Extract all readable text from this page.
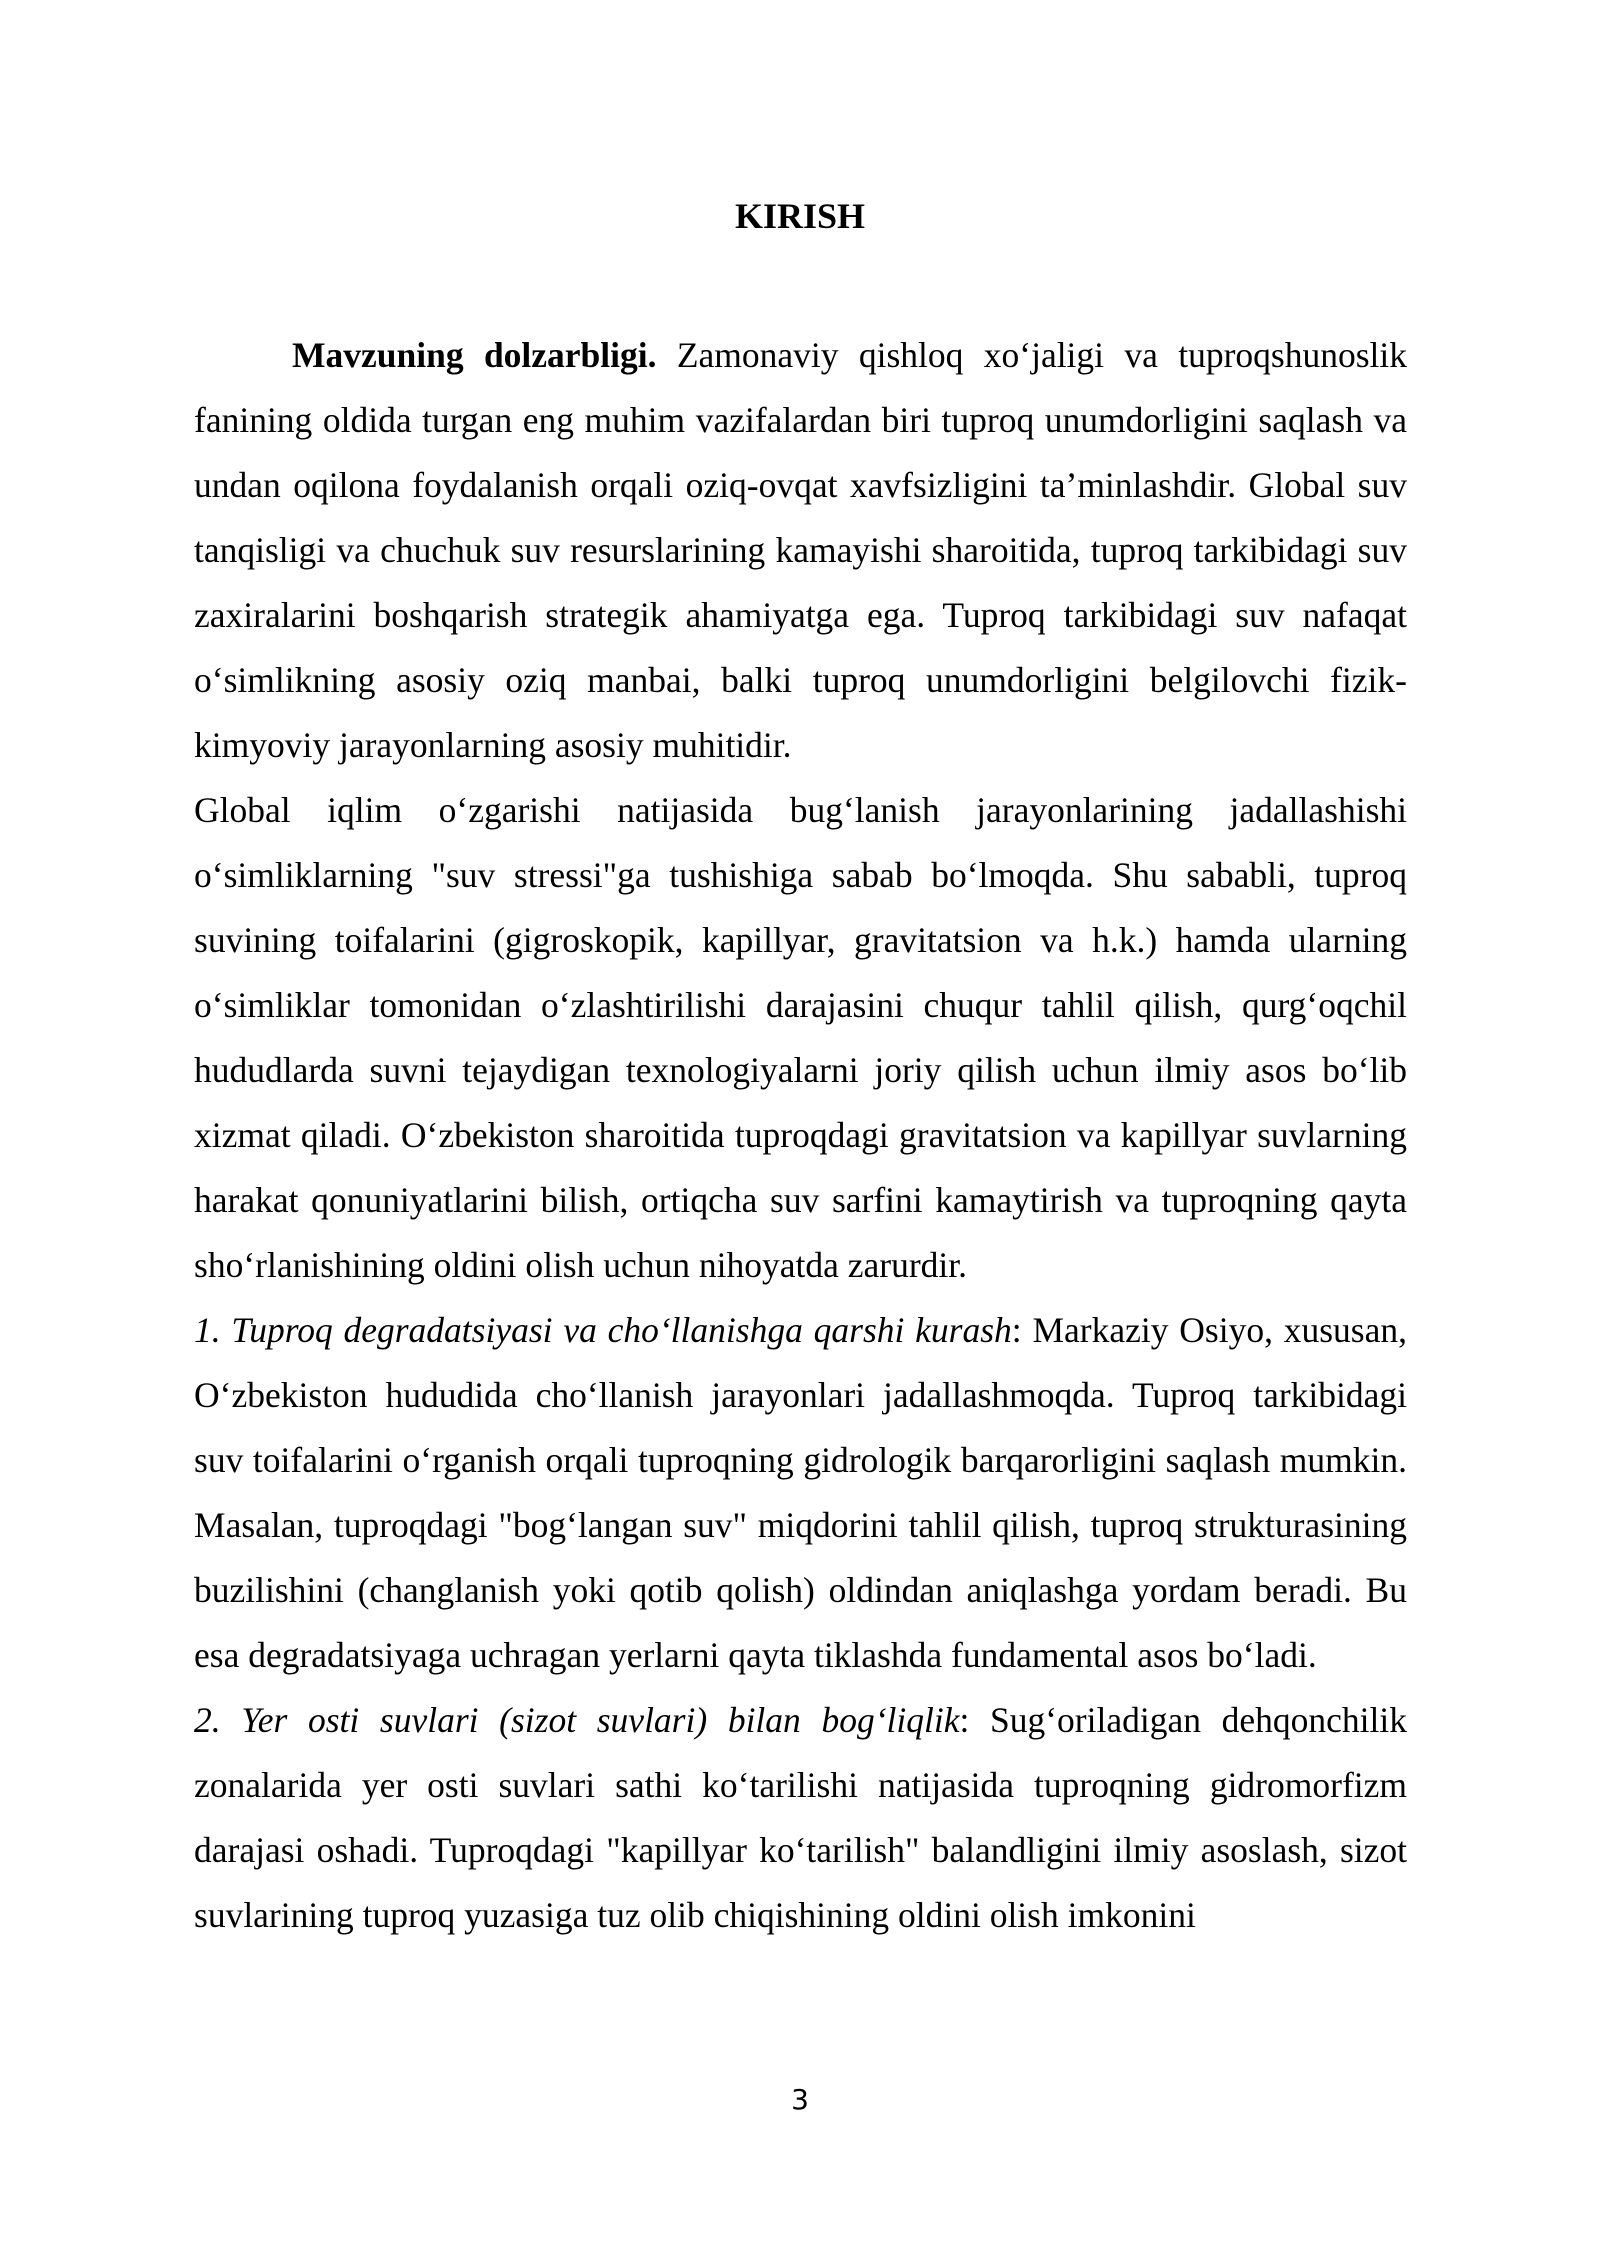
KIRISH

Mavzuning dolzarbligi. Zamonaviy qishloq xo‘jaligi va tuproqshunoslik fanining oldida turgan eng muhim vazifalardan biri tuproq unumdorligini saqlash va undan oqilona foydalanish orqali oziq-ovqat xavfsizligini ta’minlashdir. Global suv tanqisligi va chuchuk suv resurslarining kamayishi sharoitida, tuproq tarkibidagi suv zaxiralarini boshqarish strategik ahamiyatga ega. Tuproq tarkibidagi suv nafaqat o‘simlikning asosiy oziq manbai, balki tuproq unumdorligini belgilovchi fizik-kimyoviy jarayonlarning asosiy muhitidir.

Global iqlim o‘zgarishi natijasida bug‘lanish jarayonlarining jadallashishi o‘simliklarning "suv stressi"ga tushishiga sabab bo‘lmoqda. Shu sababli, tuproq suvining toifalarini (gigroskopik, kapillyar, gravitatsion va h.k.) hamda ularning o‘simliklar tomonidan o‘zlashtirilishi darajasini chuqur tahlil qilish, qurg‘oqchil hududlarda suvni tejaydigan texnologiyalarni joriy qilish uchun ilmiy asos bo‘lib xizmat qiladi. O‘zbekiston sharoitida tuproqdagi gravitatsion va kapillyar suvlarning harakat qonuniyatlarini bilish, ortiqcha suv sarfini kamaytirish va tuproqning qayta sho‘rlanishining oldini olish uchun nihoyatda zarurdir.

1. Tuproq degradatsiyasi va cho‘llanishga qarshi kurash: Markaziy Osiyo, xususan, O‘zbekiston hududida cho‘llanish jarayonlari jadallashmoqda. Tuproq tarkibidagi suv toifalarini o‘rganish orqali tuproqning gidrologik barqarorligini saqlash mumkin. Masalan, tuproqdagi "bog‘langan suv" miqdorini tahlil qilish, tuproq strukturasining buzilishini (changlanish yoki qotib qolish) oldindan aniqlashga yordam beradi. Bu esa degradatsiyaga uchragan yerlarni qayta tiklashda fundamental asos bo‘ladi.

2. Yer osti suvlari (sizot suvlari) bilan bog‘liqlik: Sug‘oriladigan dehqonchilik zonalarida yer osti suvlari sathi ko‘tarilishi natijasida tuproqning gidromorfizm darajasi oshadi. Tuproqdagi "kapillyar ko‘tarilish" balandligini ilmiy asoslash, sizot suvlarining tuproq yuzasiga tuz olib chiqishining oldini olish imkonini

3
